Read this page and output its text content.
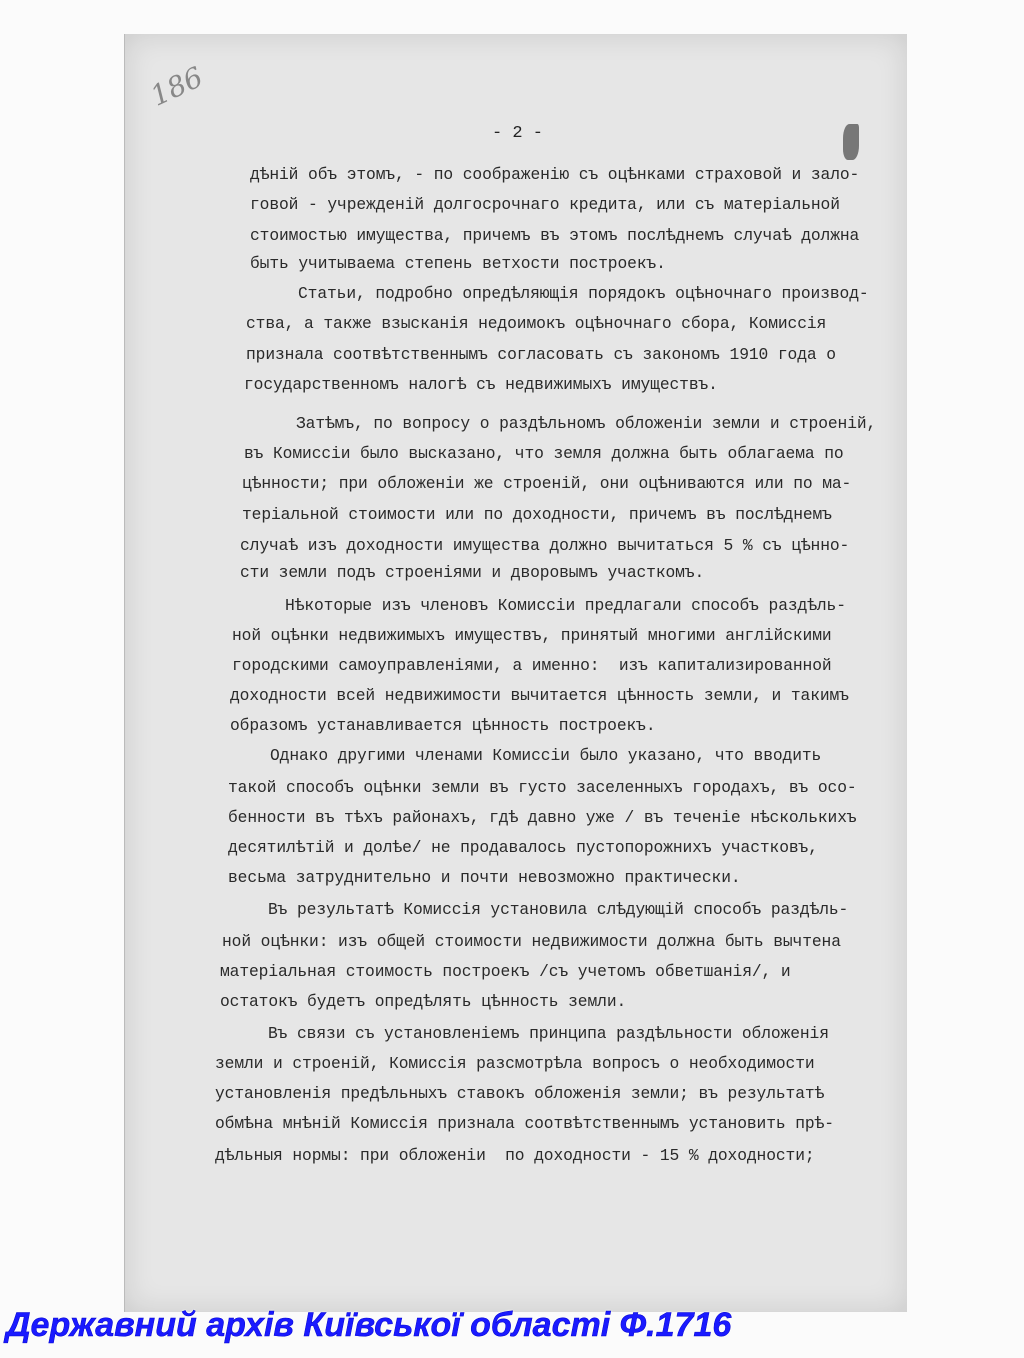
186
- 2 -
дѣній объ этомъ, - по соображенію съ оцѣнками страховой и зало-
говой - учрежденій долгосрочнаго кредита, или съ матеріальной
стоимостью имущества, причемъ въ этомъ послѣднемъ случаѣ должна
быть учитываема степень ветхости построекъ.
Статьи, подробно опредѣляющія порядокъ оцѣночнаго производ-
ства, а также взысканія недоимокъ оцѣночнаго сбора, Комиссія
признала соотвѣтственнымъ согласовать съ закономъ 1910 года о
государственномъ налогѣ съ недвижимыхъ имуществъ.
Затѣмъ, по вопросу о раздѣльномъ обложеніи земли и строеній,
въ Комиссіи было высказано, что земля должна быть облагаема по
цѣнности; при обложеніи же строеній, они оцѣниваются или по ма-
теріальной стоимости или по доходности, причемъ въ послѣднемъ
случаѣ изъ доходности имущества должно вычитаться 5 % съ цѣнно-
сти земли подъ строеніями и дворовымъ участкомъ.
Нѣкоторые изъ членовъ Комиссіи предлагали способъ раздѣль-
ной оцѣнки недвижимыхъ имуществъ, принятый многими англійскими
городскими самоуправленіями, а именно:  изъ капитализированной
доходности всей недвижимости вычитается цѣнность земли, и такимъ
образомъ устанавливается цѣнность построекъ.
Однако другими членами Комиссіи было указано, что вводить
такой способъ оцѣнки земли въ густо заселенныхъ городахъ, въ осо-
бенности въ тѣхъ районахъ, гдѣ давно уже / въ теченіе нѣсколькихъ
десятилѣтій и долѣе/ не продавалось пустопорожнихъ участковъ,
весьма затруднительно и почти невозможно практически.
Въ результатѣ Комиссія установила слѣдующій способъ раздѣль-
ной оцѣнки: изъ общей стоимости недвижимости должна быть вычтена
матеріальная стоимость построекъ /съ учетомъ обветшанія/, и
остатокъ будетъ опредѣлять цѣнность земли.
Въ связи съ установленіемъ принципа раздѣльности обложенія
земли и строеній, Комиссія разсмотрѣла вопросъ о необходимости
установленія предѣльныхъ ставокъ обложенія земли; въ результатѣ
обмѣна мнѣній Комиссія признала соотвѣтственнымъ установить прѣ-
дѣльныя нормы: при обложеніи  по доходности - 15 % доходности;
Державний архів Київської області Ф.1716
